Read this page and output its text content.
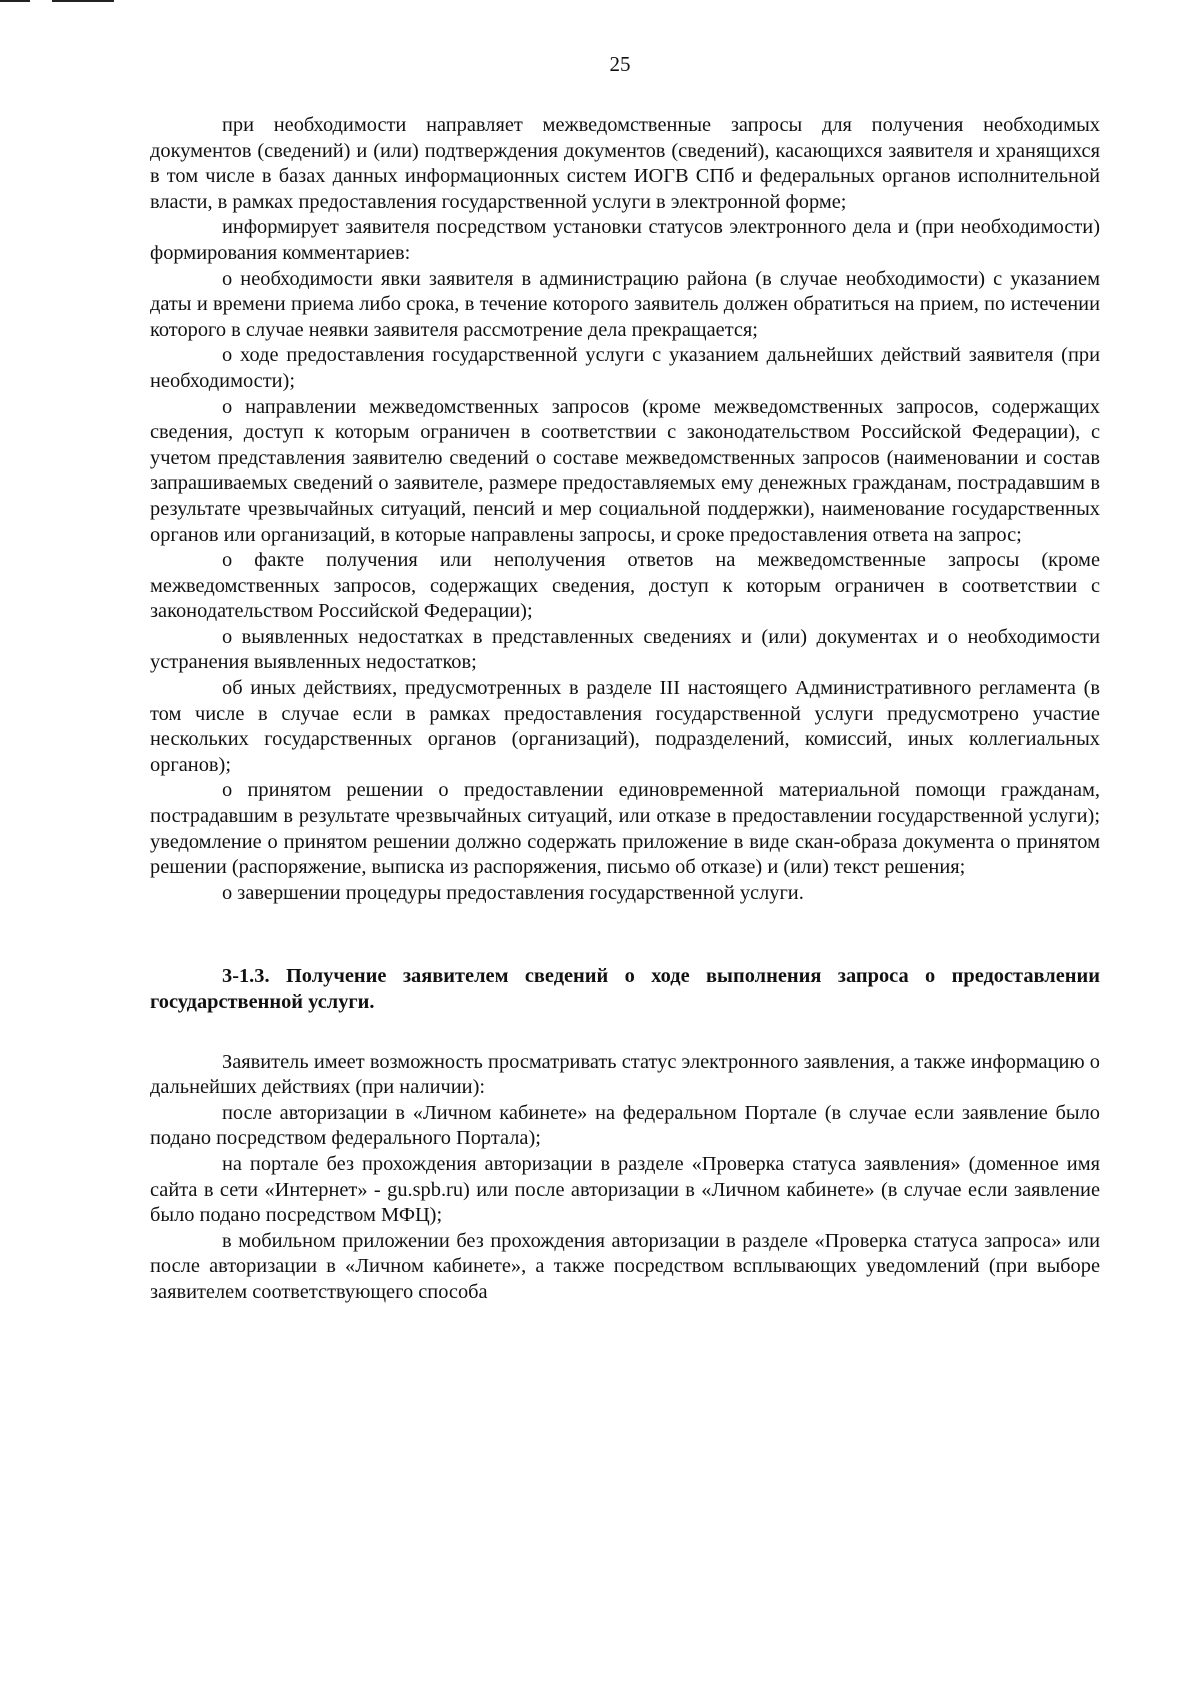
25

при необходимости направляет межведомственные запросы для получения необходимых документов (сведений) и (или) подтверждения документов (сведений), касающихся заявителя и хранящихся в том числе в базах данных информационных систем ИОГВ СПб и федеральных органов исполнительной власти, в рамках предоставления государственной услуги в электронной форме;

информирует заявителя посредством установки статусов электронного дела и (при необходимости) формирования комментариев:

о необходимости явки заявителя в администрацию района (в случае необходимости) с указанием даты и времени приема либо срока, в течение которого заявитель должен обратиться на прием, по истечении которого в случае неявки заявителя рассмотрение дела прекращается;

о ходе предоставления государственной услуги с указанием дальнейших действий заявителя (при необходимости);

о направлении межведомственных запросов (кроме межведомственных запросов, содержащих сведения, доступ к которым ограничен в соответствии с законодательством Российской Федерации), с учетом представления заявителю сведений о составе межведомственных запросов (наименовании и состав запрашиваемых сведений о заявителе, размере предоставляемых ему денежных гражданам, пострадавшим в результате чрезвычайных ситуаций, пенсий и мер социальной поддержки), наименование государственных органов или организаций, в которые направлены запросы, и сроке предоставления ответа на запрос;

о факте получения или неполучения ответов на межведомственные запросы (кроме межведомственных запросов, содержащих сведения, доступ к которым ограничен в соответствии с законодательством Российской Федерации);

о выявленных недостатках в представленных сведениях и (или) документах и о необходимости устранения выявленных недостатков;

об иных действиях, предусмотренных в разделе III настоящего Административного регламента (в том числе в случае если в рамках предоставления государственной услуги предусмотрено участие нескольких государственных органов (организаций), подразделений, комиссий, иных коллегиальных органов);

о принятом решении о предоставлении единовременной материальной помощи гражданам, пострадавшим в результате чрезвычайных ситуаций, или отказе в предоставлении государственной услуги); уведомление о принятом решении должно содержать приложение в виде скан-образа документа о принятом решении (распоряжение, выписка из распоряжения, письмо об отказе) и (или) текст решения;

о завершении процедуры предоставления государственной услуги.

3-1.3. Получение заявителем сведений о ходе выполнения запроса о предоставлении государственной услуги.

Заявитель имеет возможность просматривать статус электронного заявления, а также информацию о дальнейших действиях (при наличии):

после авторизации в «Личном кабинете» на федеральном Портале (в случае если заявление было подано посредством федерального Портала);

на портале без прохождения авторизации в разделе «Проверка статуса заявления» (доменное имя сайта в сети «Интернет» - gu.spb.ru) или после авторизации в «Личном кабинете» (в случае если заявление было подано посредством МФЦ);

в мобильном приложении без прохождения авторизации в разделе «Проверка статуса запроса» или после авторизации в «Личном кабинете», а также посредством всплывающих уведомлений (при выборе заявителем соответствующего способа
